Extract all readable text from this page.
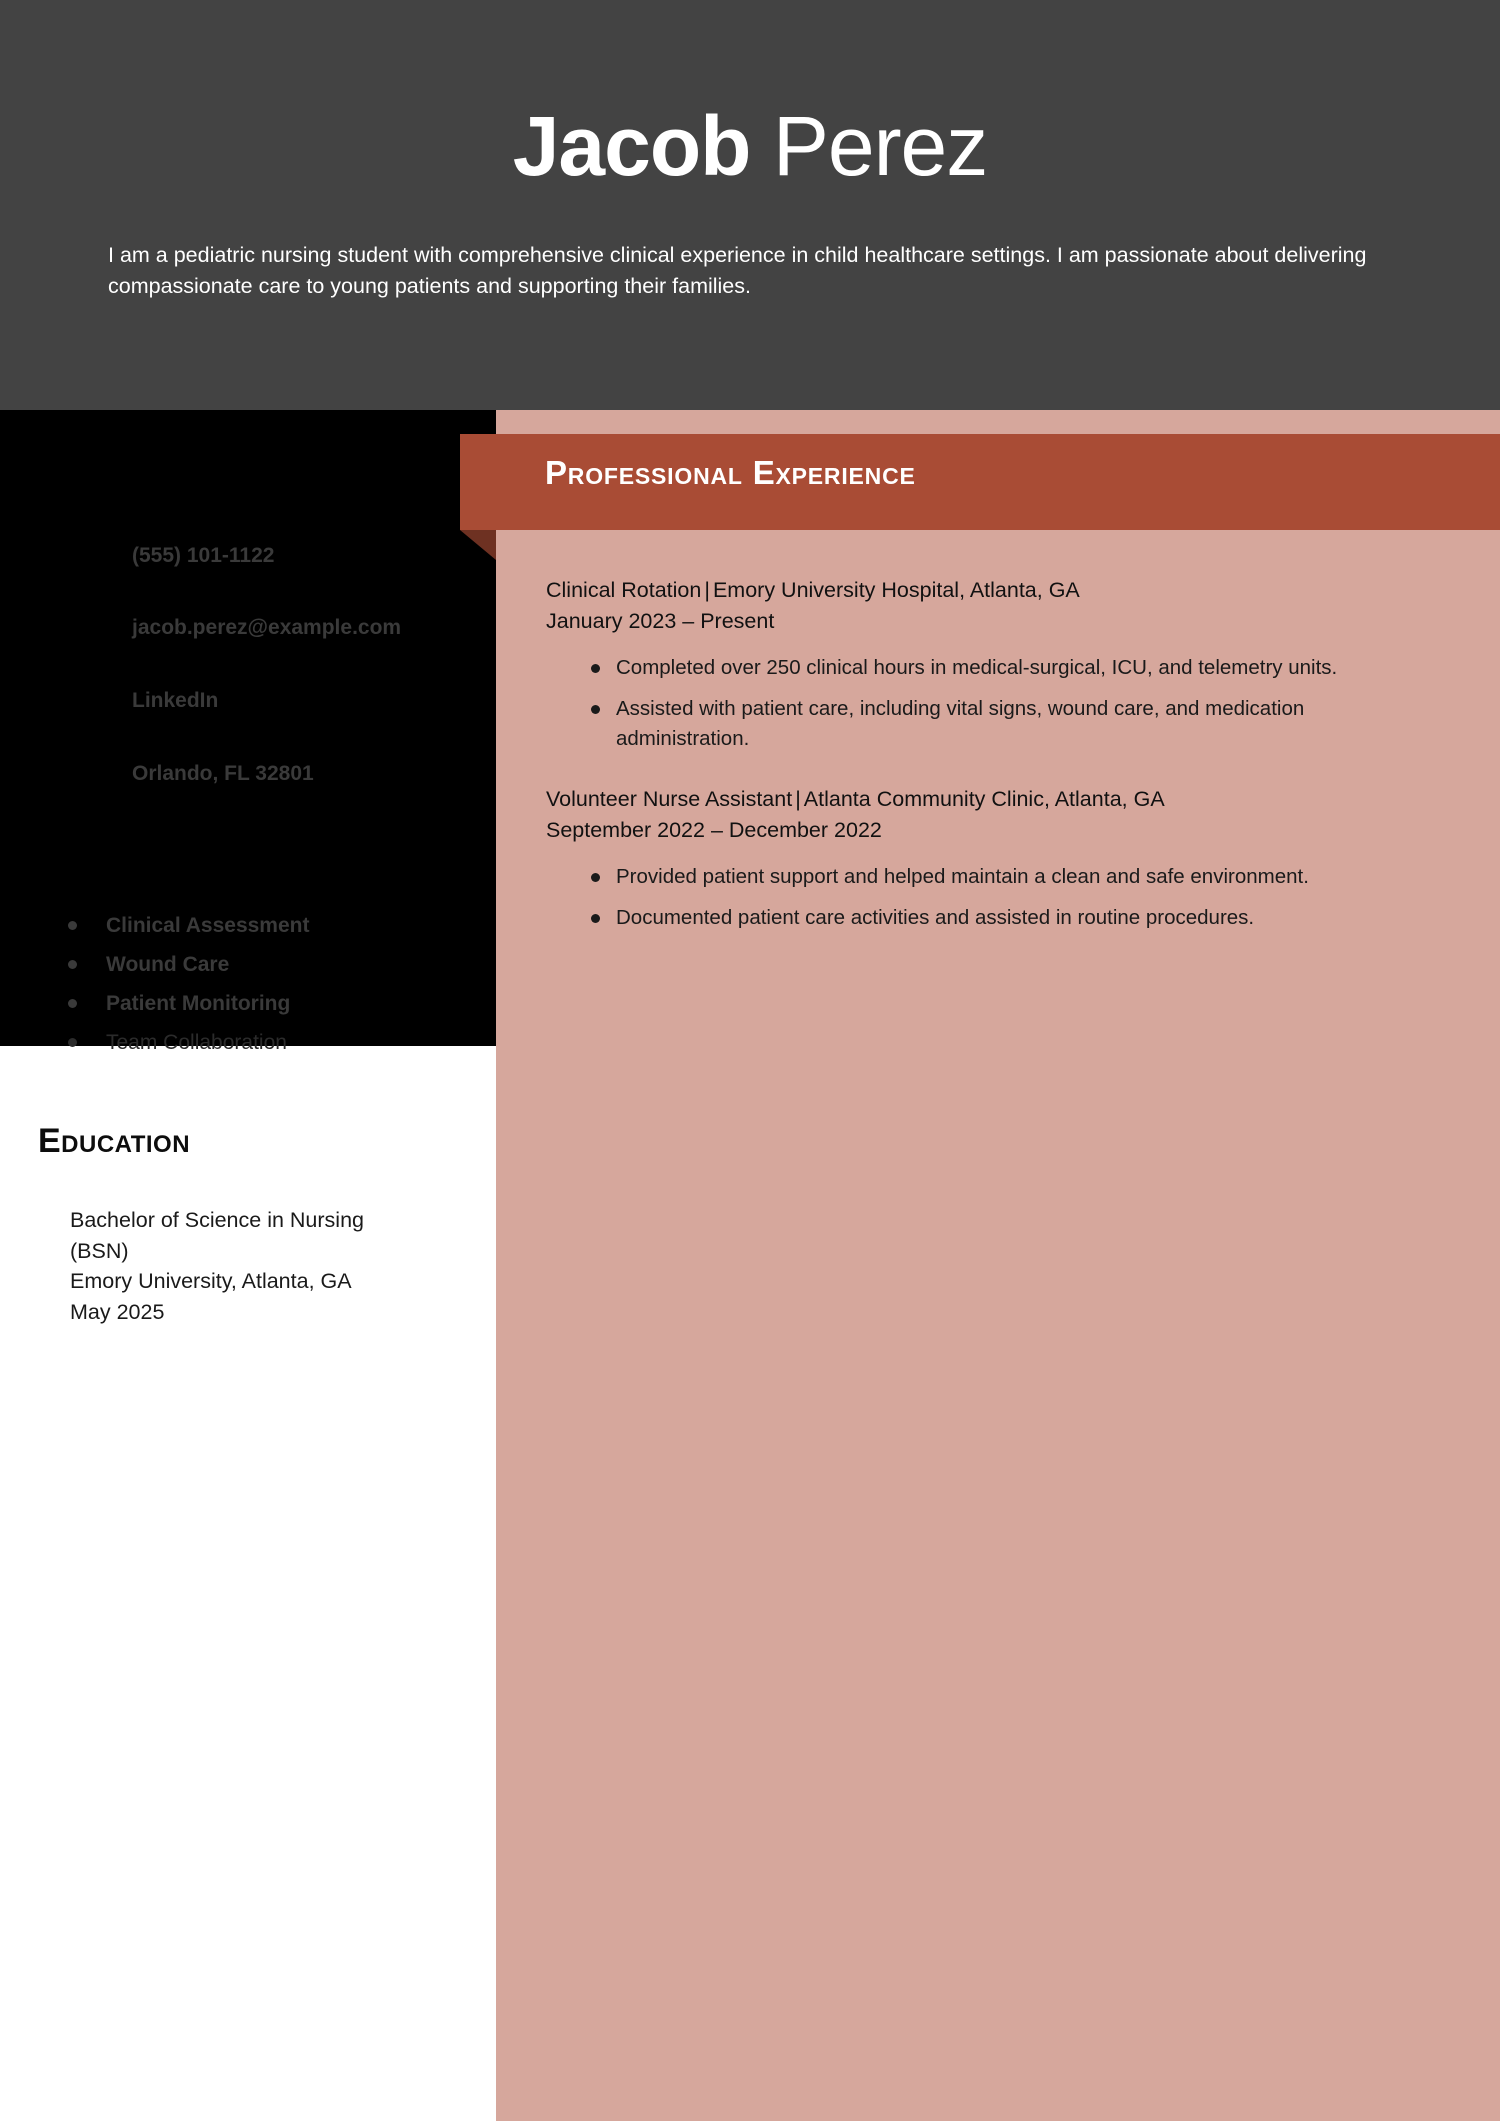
Jacob Perez
I am a pediatric nursing student with comprehensive clinical experience in child healthcare settings. I am passionate about delivering compassionate care to young patients and supporting their families.
Professional Experience
(555) 101-1122
jacob.perez@example.com
LinkedIn
Orlando, FL 32801
Clinical Assessment
Wound Care
Patient Monitoring
Team Collaboration
Education
Bachelor of Science in Nursing
(BSN)
Emory University, Atlanta, GA
May 2025
Clinical Rotation | Emory University Hospital, Atlanta, GA
January 2023 – Present
Completed over 250 clinical hours in medical-surgical, ICU, and telemetry units.
Assisted with patient care, including vital signs, wound care, and medication administration.
Volunteer Nurse Assistant | Atlanta Community Clinic, Atlanta, GA
September 2022 – December 2022
Provided patient support and helped maintain a clean and safe environment.
Documented patient care activities and assisted in routine procedures.
